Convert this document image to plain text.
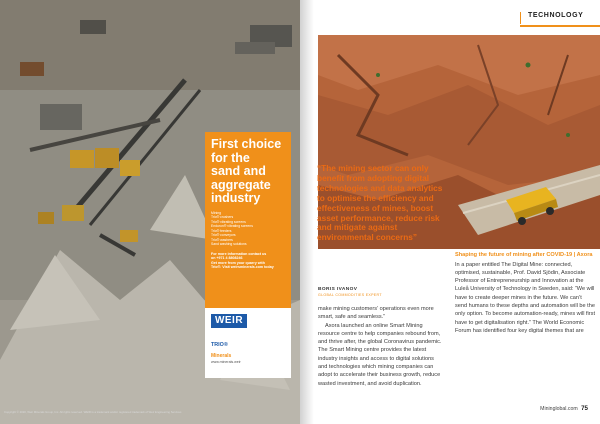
First choice
for the
sand and
aggregate
industry
Mining
Trio® crushers
Trio® vibrating screens
Enduron® vibrating screens
Trio® feeders
Trio® conveyors
Trio® washers
Sand washing solutions
For more information contact us
on +971 4 8808246
Get more from your quarry with
Trio®. Visit weirsminerals.com today
WEIR
TRIO®
Minerals
www.minerals.weir
Copyright © 2020, Weir Minerals Group, Inc. All rights reserved. WEIR is a trademark and/or registered trademark of Weir Engineering Services
TECHNOLOGY

“The mining sector can only benefit from adopting digital technologies and data analytics to optimise the efficiency and effectiveness of mines, boost asset performance, reduce risk and mitigate against environmental concerns”

BORIS IVANOV
GLOBAL COMMODITIES EXPERT

make mining customers’ operations even more smart, safe and seamless.”

Axora launched an online Smart Mining resource centre to help companies rebound from, and thrive after, the global Coronavirus pandemic. The Smart Mining centre provides the latest industry insights and access to digital solutions and technologies which mining companies can adopt to accelerate their business growth, reduce wasted investment, and avoid duplication.

Shaping the future of mining after COVID-19 | Axora

In a paper entitled The Digital Mine: connected, optimised, sustainable, Prof. David Sjödin, Associate Professor of Entrepreneurship and Innovation at the Luleå University of Technology in Sweden, said: “We will have to create deeper mines in the future. We can’t send humans to these depths and automation will be the only option. To become automation-ready, mines will first have to get digitalisation right.” The World Economic Forum has identified four key digital themes that are

Mininglobal.com 75
